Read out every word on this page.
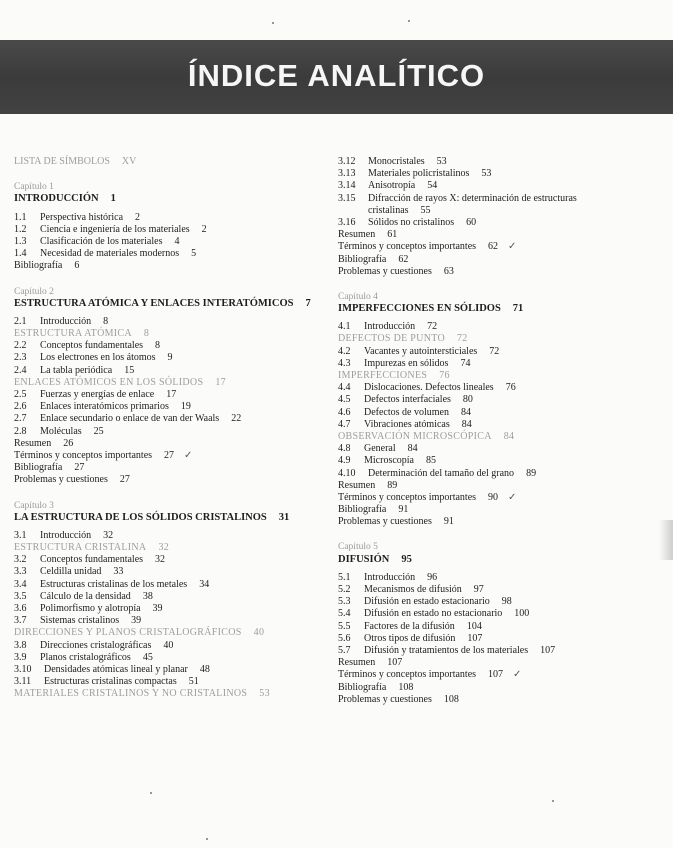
ÍNDICE ANALÍTICO
LISTA DE SÍMBOLOS XV
Capítulo 1
INTRODUCCIÓN 1
1.1 Perspectiva histórica 2
1.2 Ciencia e ingeniería de los materiales 2
1.3 Clasificación de los materiales 4
1.4 Necesidad de materiales modernos 5
Bibliografía 6
Capítulo 2
ESTRUCTURA ATÓMICA Y ENLACES INTERATÓMICOS 7
2.1 Introducción 8
ESTRUCTURA ATÓMICA 8
2.2 Conceptos fundamentales 8
2.3 Los electrones en los átomos 9
2.4 La tabla periódica 15
ENLACES ATÓMICOS EN LOS SÓLIDOS 17
2.5 Fuerzas y energías de enlace 17
2.6 Enlaces interatómicos primarios 19
2.7 Enlace secundario o enlace de van der Waals 22
2.8 Moléculas 25
Resumen 26
Términos y conceptos importantes 27 ✓
Bibliografía 27
Problemas y cuestiones 27
Capítulo 3
LA ESTRUCTURA DE LOS SÓLIDOS CRISTALINOS 31
3.1 Introducción 32
ESTRUCTURA CRISTALINA 32
3.2 Conceptos fundamentales 32
3.3 Celdilla unidad 33
3.4 Estructuras cristalinas de los metales 34
3.5 Cálculo de la densidad 38
3.6 Polimorfismo y alotropía 39
3.7 Sistemas cristalinos 39
DIRECCIONES Y PLANOS CRISTALOGRÁFICOS 40
3.8 Direcciones cristalográficas 40
3.9 Planos cristalográficos 45
3.10 Densidades atómicas lineal y planar 48
3.11 Estructuras cristalinas compactas 51
MATERIALES CRISTALINOS Y NO CRISTALINOS 53
3.12 Monocristales 53
3.13 Materiales policristalinos 53
3.14 Anisotropía 54
3.15 Difracción de rayos X: determinación de estructuras
cristalinas 55
3.16 Sólidos no cristalinos 60
Resumen 61
Términos y conceptos importantes 62 ✓
Bibliografía 62
Problemas y cuestiones 63
Capítulo 4
IMPERFECCIONES EN SÓLIDOS 71
4.1 Introducción 72
DEFECTOS DE PUNTO 72
4.2 Vacantes y autointersticiales 72
4.3 Impurezas en sólidos 74
IMPERFECCIONES 76
4.4 Dislocaciones. Defectos lineales 76
4.5 Defectos interfaciales 80
4.6 Defectos de volumen 84
4.7 Vibraciones atómicas 84
OBSERVACIÓN MICROSCÓPICA 84
4.8 General 84
4.9 Microscopía 85
4.10 Determinación del tamaño del grano 89
Resumen 89
Términos y conceptos importantes 90 ✓
Bibliografía 91
Problemas y cuestiones 91
Capítulo 5
DIFUSIÓN 95
5.1 Introducción 96
5.2 Mecanismos de difusión 97
5.3 Difusión en estado estacionario 98
5.4 Difusión en estado no estacionario 100
5.5 Factores de la difusión 104
5.6 Otros tipos de difusión 107
5.7 Difusión y tratamientos de los materiales 107
Resumen 107
Términos y conceptos importantes 107 ✓
Bibliografía 108
Problemas y cuestiones 108
